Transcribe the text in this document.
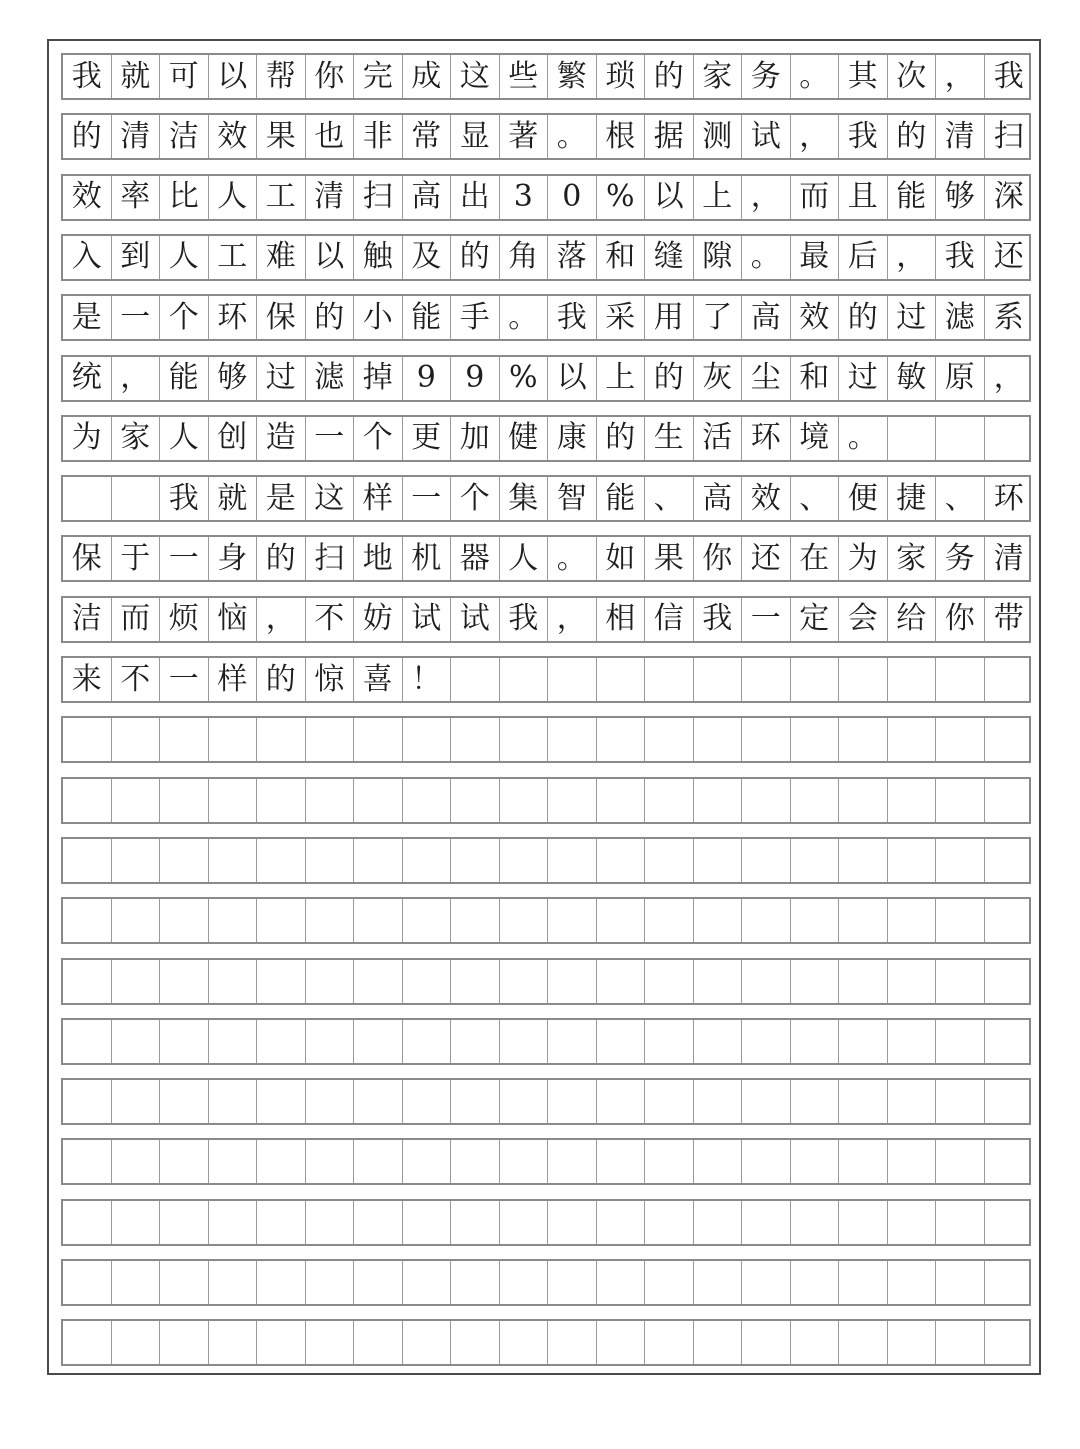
我 就 可 以 帮 你 完 成 这 些 繁 琐 的 家 务 。 其 次 ， 我
的 清 洁 效 果 也 非 常 显 著 。 根 据 测 试 ， 我 的 清 扫
效 率 比 人 工 清 扫 高 出 3 0 % 以 上 ， 而 且 能 够 深
入 到 人 工 难 以 触 及 的 角 落 和 缝 隙 。 最 后 ， 我 还
是 一 个 环 保 的 小 能 手 。 我 采 用 了 高 效 的 过 滤 系
统 ， 能 够 过 滤 掉 9 9 % 以 上 的 灰 尘 和 过 敏 原 ，
为 家 人 创 造 一 个 更 加 健 康 的 生 活 环 境 。
我 就 是 这 样 一 个 集 智 能 、 高 效 、 便 捷 、 环
保 于 一 身 的 扫 地 机 器 人 。 如 果 你 还 在 为 家 务 清
洁 而 烦 恼 ， 不 妨 试 试 我 ， 相 信 我 一 定 会 给 你 带
来 不 一 样 的 惊 喜 ！
